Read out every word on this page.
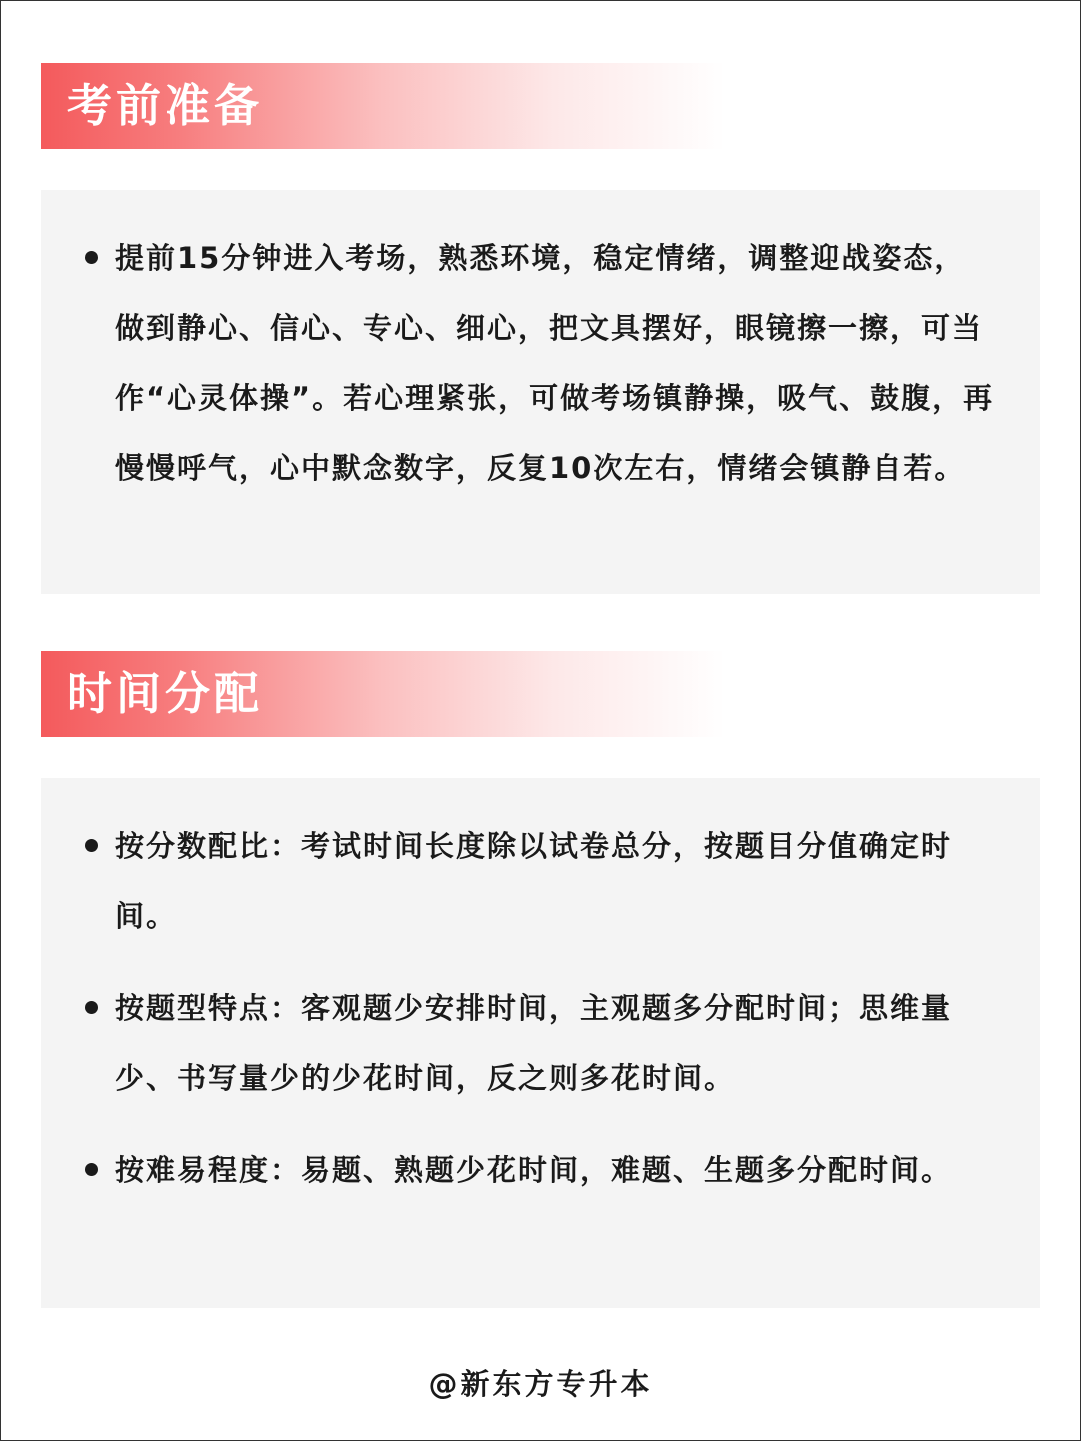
考前准备
提前15分钟进入考场，熟悉环境，稳定情绪，调整迎战姿态，做到静心、信心、专心、细心，把文具摆好，眼镜擦一擦，可当作“心灵体操”。若心理紧张，可做考场镇静操，吸气、鼓腹，再慢慢呼气，心中默念数字，反复10次左右，情绪会镇静自若。
时间分配
按分数配比：考试时间长度除以试卷总分，按题目分值确定时间。
按题型特点：客观题少安排时间，主观题多分配时间；思维量少、书写量少的少花时间，反之则多花时间。
按难易程度：易题、熟题少花时间，难题、生题多分配时间。
@新东方专升本
